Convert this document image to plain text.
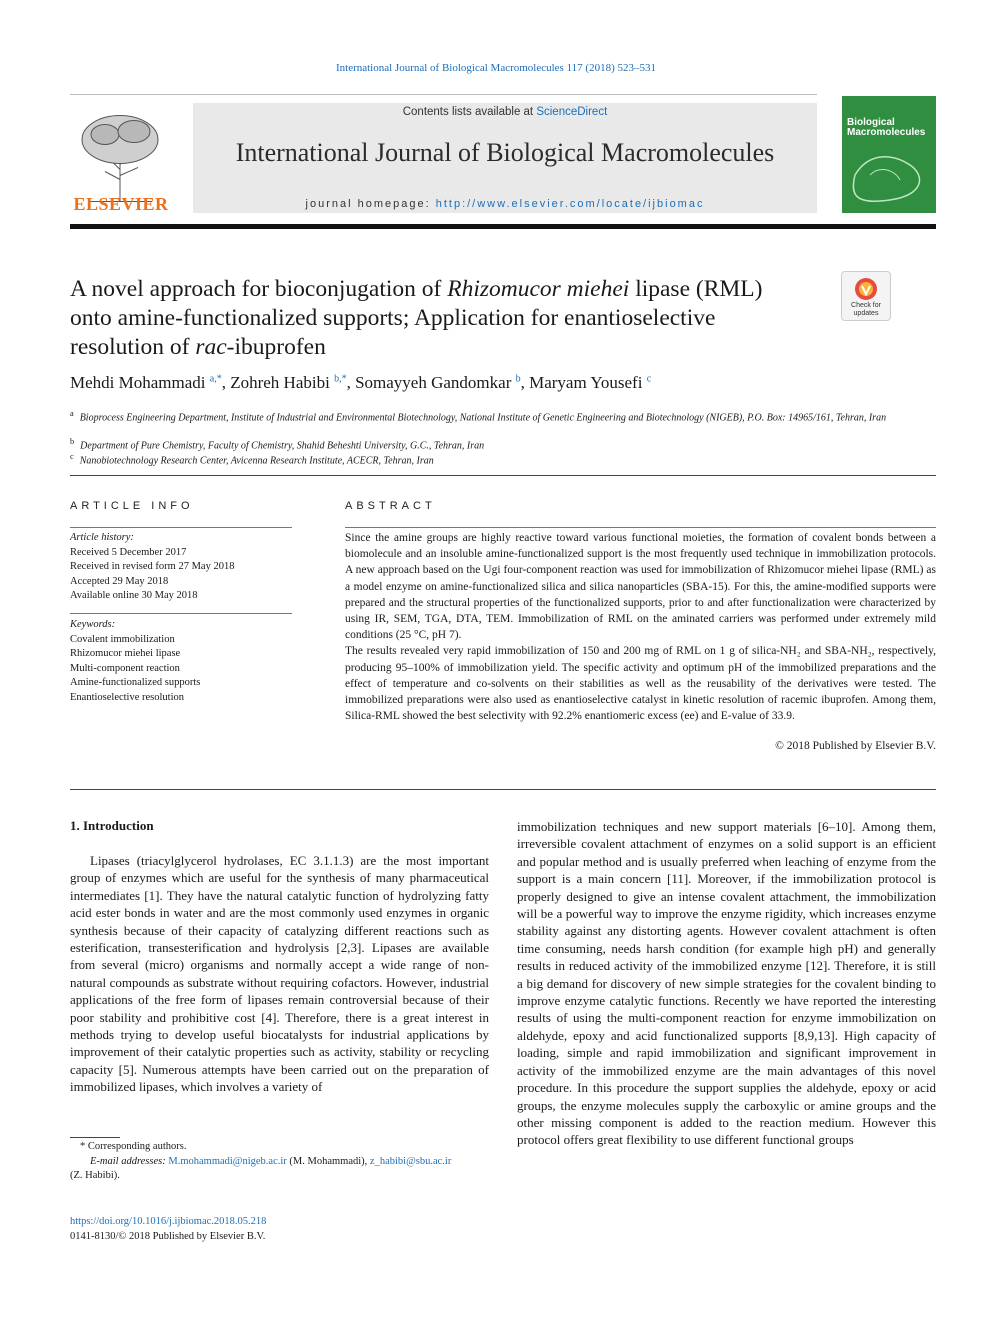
International Journal of Biological Macromolecules 117 (2018) 523–531
ELSEVIER
Contents lists available at ScienceDirect
International Journal of Biological Macromolecules
journal homepage: http://www.elsevier.com/locate/ijbiomac
Biological Macromolecules
A novel approach for bioconjugation of Rhizomucor miehei lipase (RML) onto amine-functionalized supports; Application for enantioselective resolution of rac-ibuprofen
Check for updates
Mehdi Mohammadi $^{a,*}$, Zohreh Habibi $^{b,*}$, Somayyeh Gandomkar $^b$, Maryam Yousefi $^c$
$^a$ Bioprocess Engineering Department, Institute of Industrial and Environmental Biotechnology, National Institute of Genetic Engineering and Biotechnology (NIGEB), P.O. Box: 14965/161, Tehran, Iran
$^b$ Department of Pure Chemistry, Faculty of Chemistry, Shahid Beheshti University, G.C., Tehran, Iran
$^c$ Nanobiotechnology Research Center, Avicenna Research Institute, ACECR, Tehran, Iran
ARTICLE INFO
Article history:
Received 5 December 2017
Received in revised form 27 May 2018
Accepted 29 May 2018
Available online 30 May 2018
Keywords:
Covalent immobilization
Rhizomucor miehei lipase
Multi-component reaction
Amine-functionalized supports
Enantioselective resolution
ABSTRACT

Since the amine groups are highly reactive toward various functional moieties, the formation of covalent bonds between a biomolecule and an insoluble amine-functionalized support is the most frequently used technique in immobilization protocols. A new approach based on the Ugi four-component reaction was used for immobilization of Rhizomucor miehei lipase (RML) as a model enzyme on amine-functionalized silica and silica nanoparticles (SBA-15). For this, the amine-modified supports were prepared and the structural properties of the functionalized supports, prior to and after functionalization were characterized by using IR, SEM, TGA, DTA, TEM. Immobilization of RML on the aminated carriers was performed under extremely mild conditions (25 °C, pH 7).

The results revealed very rapid immobilization of 150 and 200 mg of RML on 1 g of silica-NH₂ and SBA-NH₂, respectively, producing 95–100% of immobilization yield. The specific activity and optimum pH of the immobilized preparations and the effect of temperature and co-solvents on their stabilities as well as the reusability of the derivatives were tested. The immobilized preparations were also used as enantioselective catalyst in kinetic resolution of racemic ibuprofen. Among them, Silica-RML showed the best selectivity with 92.2% enantiomeric excess (ee) and E-value of 33.9.

© 2018 Published by Elsevier B.V.
1. Introduction

Lipases (triacylglycerol hydrolases, EC 3.1.1.3) are the most important group of enzymes which are useful for the synthesis of many pharmaceutical intermediates [1]. They have the natural catalytic function of hydrolyzing fatty acid ester bonds in water and are the most commonly used enzymes in organic synthesis because of their capacity of catalyzing different reactions such as esterification, transesterification and hydrolysis [2,3]. Lipases are available from several (micro) organisms and normally accept a wide range of non-natural compounds as substrate without requiring cofactors. However, industrial applications of the free form of lipases remain controversial because of their poor stability and prohibitive cost [4]. Therefore, there is a great interest in methods trying to develop useful biocatalysts for industrial applications by improvement of their catalytic properties such as activity, stability or recycling capacity [5]. Numerous attempts have been carried out on the preparation of immobilized lipases, which involves a variety of

immobilization techniques and new support materials [6–10]. Among them, irreversible covalent attachment of enzymes on a solid support is an efficient and popular method and is usually preferred when leaching of enzyme from the support is a main concern [11]. Moreover, if the immobilization protocol is properly designed to give an intense covalent attachment, the immobilization will be a powerful way to improve the enzyme rigidity, which increases enzyme stability against any distorting agents. However covalent attachment is often time consuming, needs harsh condition (for example high pH) and generally results in reduced activity of the immobilized enzyme [12]. Therefore, it is still a big demand for discovery of new simple strategies for the covalent binding to improve enzyme catalytic functions. Recently we have reported the interesting results of using the multi-component reaction for enzyme immobilization on aldehyde, epoxy and acid functionalized supports [8,9,13]. High capacity of loading, simple and rapid immobilization and significant improvement in activity of the immobilized enzyme are the main advantages of this novel procedure. In this procedure the support supplies the aldehyde, epoxy or acid groups, the enzyme molecules supply the carboxylic or amine groups and the other missing component is added to the reaction medium. However this protocol offers great flexibility to use different functional groups

* Corresponding authors.
E-mail addresses: M.mohammadi@nigeb.ac.ir (M. Mohammadi), z_habibi@sbu.ac.ir
(Z. Habibi).
https://doi.org/10.1016/j.ijbiomac.2018.05.218
0141-8130/© 2018 Published by Elsevier B.V.
